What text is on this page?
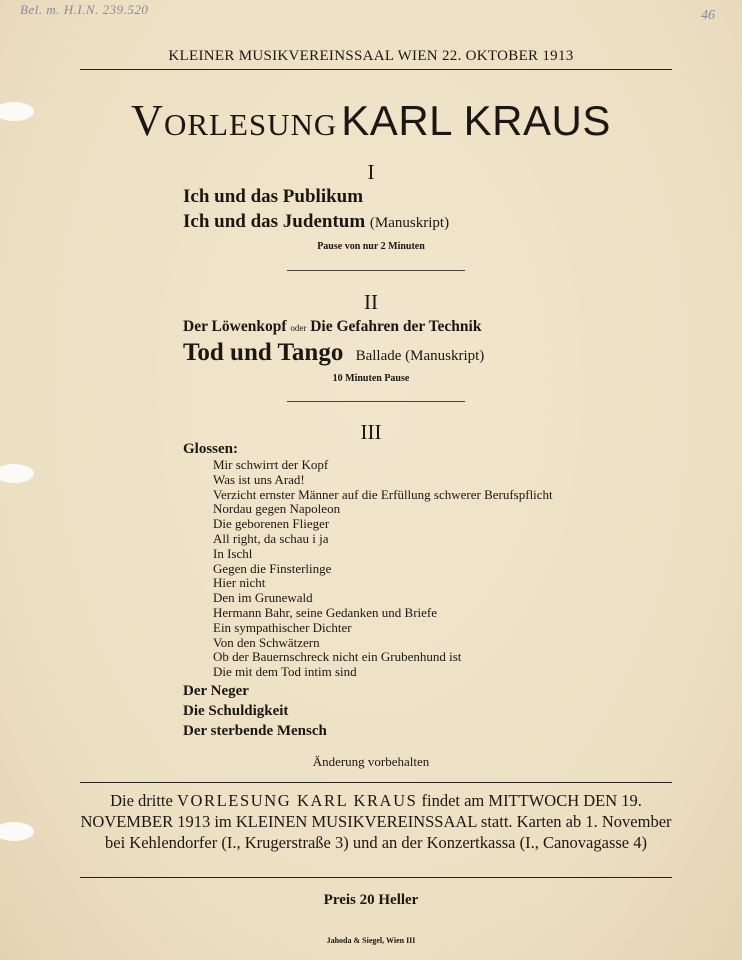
Bel. m. H.I.N. 239.520	46
KLEINER MUSIKVEREINSSAAL WIEN 22. OKTOBER 1913
Vorlesung KARL KRAUS
I
Ich und das Publikum
Ich und das Judentum (Manuskript)
Pause von nur 2 Minuten
II
Der Löwenkopf oder Die Gefahren der Technik
Tod und Tango Ballade (Manuskript)
10 Minuten Pause
III
Glossen:
Mir schwirrt der Kopf
Was ist uns Arad!
Verzicht ernster Männer auf die Erfüllung schwerer Berufspflicht
Nordau gegen Napoleon
Die geborenen Flieger
All right, da schau i ja
In Ischl
Gegen die Finsterlinge
Hier nicht
Den im Grunewald
Hermann Bahr, seine Gedanken und Briefe
Ein sympathischer Dichter
Von den Schwätzern
Ob der Bauernschreck nicht ein Grubenhund ist
Die mit dem Tod intim sind
Der Neger
Die Schuldigkeit
Der sterbende Mensch
Änderung vorbehalten
Die dritte VORLESUNG KARL KRAUS findet am MITTWOCH DEN 19. NOVEMBER 1913 im KLEINEN MUSIKVEREINSSAAL statt. Karten ab 1. November bei Kehlendorfer (I., Krugerstraße 3) und an der Konzertkassa (I., Canovagasse 4)
Preis 20 Heller
Jahoda & Siegel, Wien III
